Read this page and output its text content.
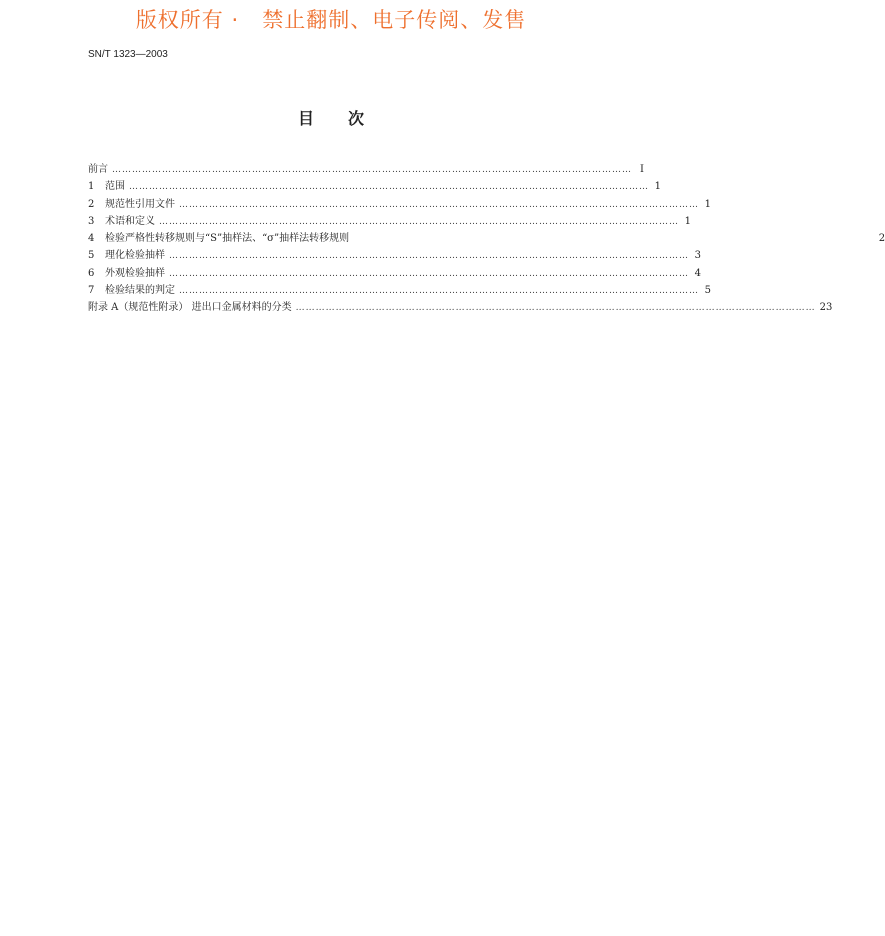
版权所有 ·   禁止翻制、电子传阅、发售
SN/T 1323—2003
目次
前言 ………………………………………………………………………………………………………………………………………… I
1	范围 ………………………………………………………………………………………………………………………………………… 1
2	规范性引用文件 ………………………………………………………………………………………………………………………………………… 1
3	术语和定义 ………………………………………………………………………………………………………………………………………… 1
4	检验严格性转移规则与“S”抽样法、“σ”抽样法转移规则	2
5	理化检验抽样 ………………………………………………………………………………………………………………………………………… 3
6	外观检验抽样 ………………………………………………………………………………………………………………………………………… 4
7	检验结果的判定 ………………………………………………………………………………………………………………………………………… 5
附录 A（规范性附录） 进出口金属材料的分类 ………………………………………………………………………………………………………………………………………… 23
